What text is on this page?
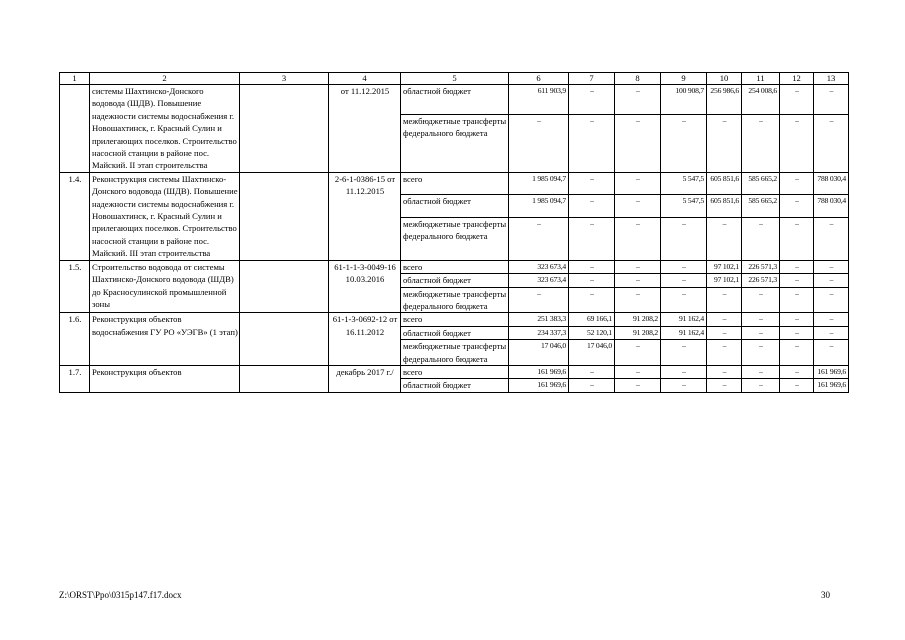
1	2	3	4	5	6	7	8	9	10	11	12	13
	системы Шахтинско-Донского водовода (ШДВ). Повышение надежности системы водоснабжения г. Новошахтинск, г. Красный Сулин и прилегающих поселков. Строительство насосной станции в районе пос. Майский. II этап строительства		от 11.12.2015	областной бюджет	611 903,9	–	–	100 908,7	256 986,6	254 008,6	–	–
				межбюджетные трансферты федерального бюджета	–	–	–	–	–	–	–	–
1.4.	Реконструкция системы Шахтинско-Донского водовода (ШДВ). Повышение надежности системы водоснабжения г. Новошахтинск, г. Красный Сулин и прилегающих поселков. Строительство насосной станции в районе пос. Майский. III этап строительства		2-6-1-0386-15 от 11.12.2015	всего	1 985 094,7	–	–	5 547,5	605 851,6	585 665,2	–	788 030,4
				областной бюджет	1 985 094,7	–	–	5 547,5	605 851,6	585 665,2	–	788 030,4
				межбюджетные трансферты федерального бюджета	–	–	–	–	–	–	–	–
1.5.	Строительство водовода от системы Шахтинско-Донского водовода (ШДВ) до Красносулинской промышленной зоны		61-1-1-3-0049-16 10.03.2016	всего	323 673,4	–	–	–	97 102,1	226 571,3	–	–
				областной бюджет	323 673,4	–	–	–	97 102,1	226 571,3	–	–
				межбюджетные трансферты федерального бюджета	–	–	–	–	–	–	–	–
1.6.	Реконструкция объектов водоснабжения ГУ РО «УЭГВ» (1 этап)		61-1-3-0692-12 от 16.11.2012	всего	251 383,3	69 166,1	91 208,2	91 162,4	–	–	–	–
				областной бюджет	234 337,3	52 120,1	91 208,2	91 162,4	–	–	–	–
				межбюджетные трансферты федерального бюджета	17 046,0	17 046,0	–	–	–	–	–	–
1.7.	Реконструкция объектов		декабрь 2017 г./	всего	161 969,6	–	–	–	–	–	–	161 969,6
				областной бюджет	161 969,6	–	–	–	–	–	–	161 969,6
Z:\ORST\Ppo\0315p147.f17.docx	30
